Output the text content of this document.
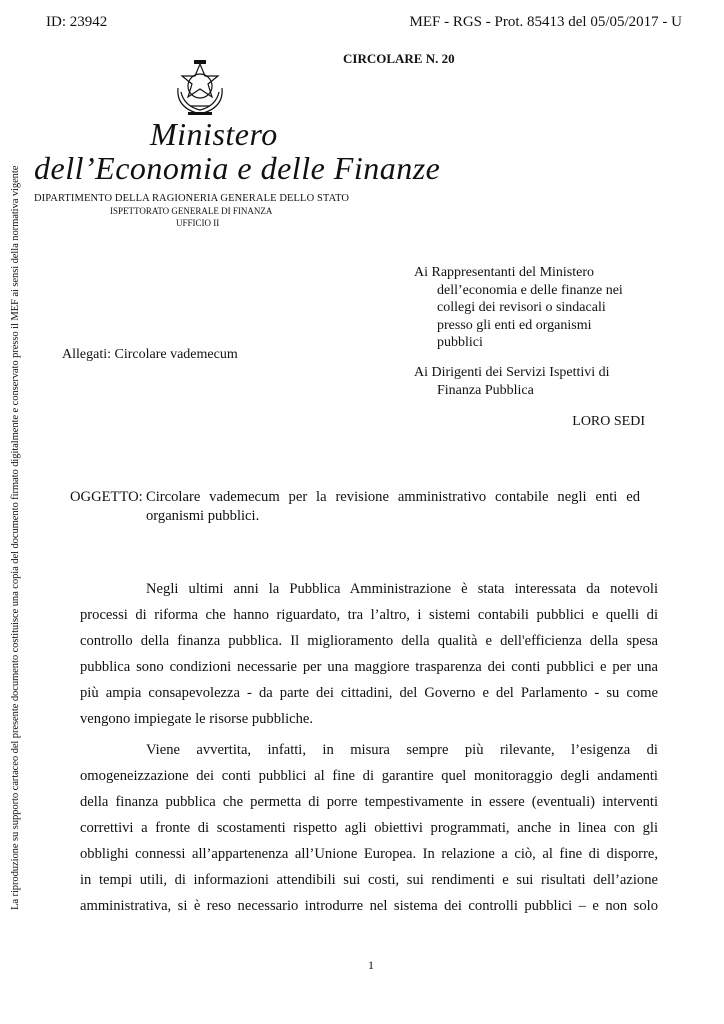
ID: 23942	MEF - RGS - Prot. 85413 del 05/05/2017 - U
La riproduzione su supporto cartaceo del presente documento costituisce una copia del documento firmato digitalmente e conservato presso il MEF ai sensi della normativa vigente
CIRCOLARE N. 20
Ministero
dell’Economia e delle Finanze
DIPARTIMENTO DELLA RAGIONERIA GENERALE DELLO STATO
ISPETTORATO GENERALE DI FINANZA
UFFICIO II
Ai Rappresentanti del Ministero
dell’economia e delle finanze nei
collegi dei revisori o sindacali
presso gli enti ed organismi
pubblici
Ai Dirigenti dei Servizi Ispettivi di
Finanza Pubblica
LORO SEDI
Allegati: Circolare vademecum
OGGETTO: Circolare vademecum per la revisione amministrativo contabile negli enti ed
organismi pubblici.
Negli ultimi anni la Pubblica Amministrazione è stata interessata da notevoli
processi di riforma che hanno riguardato, tra l’altro, i sistemi contabili pubblici e quelli di
controllo della finanza pubblica. Il miglioramento della qualità e dell'efficienza della spesa
pubblica sono condizioni necessarie per una maggiore trasparenza dei conti pubblici e per una
più ampia consapevolezza - da parte dei cittadini, del Governo e del Parlamento - su come
vengono impiegate le risorse pubbliche.
Viene avvertita, infatti, in misura sempre più rilevante, l’esigenza di
omogeneizzazione dei conti pubblici al fine di garantire quel monitoraggio degli andamenti
della finanza pubblica che permetta di porre tempestivamente in essere (eventuali) interventi
correttivi a fronte di scostamenti rispetto agli obiettivi programmati, anche in linea con gli
obblighi connessi all’appartenenza all’Unione Europea. In relazione a ciò, al fine di disporre,
in tempi utili, di informazioni attendibili sui costi, sui rendimenti e sui risultati dell’azione
amministrativa, si è reso necessario introdurre nel sistema dei controlli pubblici – e non solo
1
